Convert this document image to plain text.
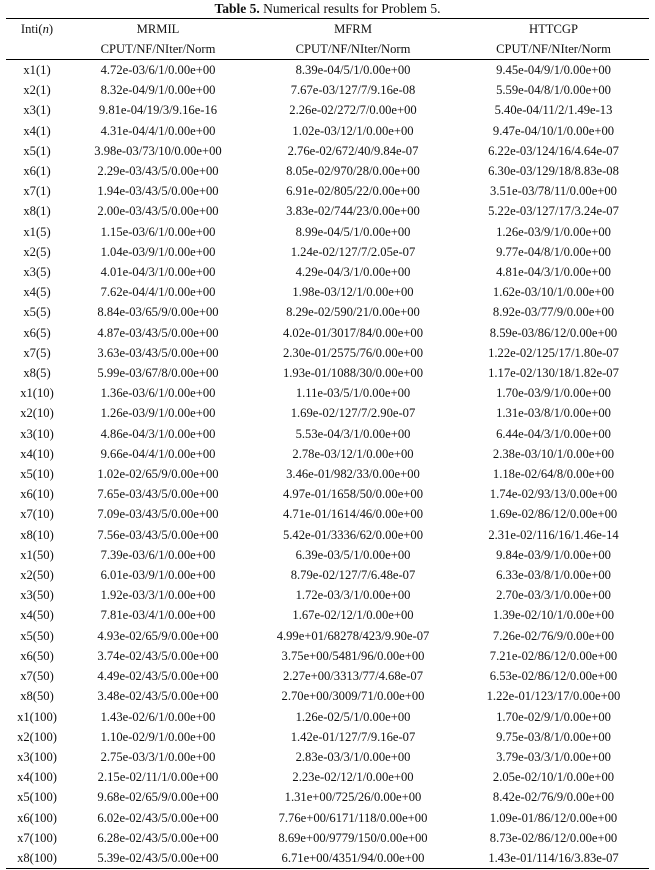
Table 5. Numerical results for Problem 5.

Inti(n)	MRMIL	MFRM	HTTCGP
	CPUT/NF/NIter/Norm	CPUT/NF/NIter/Norm	CPUT/NF/NIter/Norm
x1(1)	4.72e-03/6/1/0.00e+00	8.39e-04/5/1/0.00e+00	9.45e-04/9/1/0.00e+00
x2(1)	8.32e-04/9/1/0.00e+00	7.67e-03/127/7/9.16e-08	5.59e-04/8/1/0.00e+00
x3(1)	9.81e-04/19/3/9.16e-16	2.26e-02/272/7/0.00e+00	5.40e-04/11/2/1.49e-13
x4(1)	4.31e-04/4/1/0.00e+00	1.02e-03/12/1/0.00e+00	9.47e-04/10/1/0.00e+00
x5(1)	3.98e-03/73/10/0.00e+00	2.76e-02/672/40/9.84e-07	6.22e-03/124/16/4.64e-07
x6(1)	2.29e-03/43/5/0.00e+00	8.05e-02/970/28/0.00e+00	6.30e-03/129/18/8.83e-08
x7(1)	1.94e-03/43/5/0.00e+00	6.91e-02/805/22/0.00e+00	3.51e-03/78/11/0.00e+00
x8(1)	2.00e-03/43/5/0.00e+00	3.83e-02/744/23/0.00e+00	5.22e-03/127/17/3.24e-07
x1(5)	1.15e-03/6/1/0.00e+00	8.99e-04/5/1/0.00e+00	1.26e-03/9/1/0.00e+00
x2(5)	1.04e-03/9/1/0.00e+00	1.24e-02/127/7/2.05e-07	9.77e-04/8/1/0.00e+00
x3(5)	4.01e-04/3/1/0.00e+00	4.29e-04/3/1/0.00e+00	4.81e-04/3/1/0.00e+00
x4(5)	7.62e-04/4/1/0.00e+00	1.98e-03/12/1/0.00e+00	1.62e-03/10/1/0.00e+00
x5(5)	8.84e-03/65/9/0.00e+00	8.29e-02/590/21/0.00e+00	8.92e-03/77/9/0.00e+00
x6(5)	4.87e-03/43/5/0.00e+00	4.02e-01/3017/84/0.00e+00	8.59e-03/86/12/0.00e+00
x7(5)	3.63e-03/43/5/0.00e+00	2.30e-01/2575/76/0.00e+00	1.22e-02/125/17/1.80e-07
x8(5)	5.99e-03/67/8/0.00e+00	1.93e-01/1088/30/0.00e+00	1.17e-02/130/18/1.82e-07
x1(10)	1.36e-03/6/1/0.00e+00	1.11e-03/5/1/0.00e+00	1.70e-03/9/1/0.00e+00
x2(10)	1.26e-03/9/1/0.00e+00	1.69e-02/127/7/2.90e-07	1.31e-03/8/1/0.00e+00
x3(10)	4.86e-04/3/1/0.00e+00	5.53e-04/3/1/0.00e+00	6.44e-04/3/1/0.00e+00
x4(10)	9.66e-04/4/1/0.00e+00	2.78e-03/12/1/0.00e+00	2.38e-03/10/1/0.00e+00
x5(10)	1.02e-02/65/9/0.00e+00	3.46e-01/982/33/0.00e+00	1.18e-02/64/8/0.00e+00
x6(10)	7.65e-03/43/5/0.00e+00	4.97e-01/1658/50/0.00e+00	1.74e-02/93/13/0.00e+00
x7(10)	7.09e-03/43/5/0.00e+00	4.71e-01/1614/46/0.00e+00	1.69e-02/86/12/0.00e+00
x8(10)	7.56e-03/43/5/0.00e+00	5.42e-01/3336/62/0.00e+00	2.31e-02/116/16/1.46e-14
x1(50)	7.39e-03/6/1/0.00e+00	6.39e-03/5/1/0.00e+00	9.84e-03/9/1/0.00e+00
x2(50)	6.01e-03/9/1/0.00e+00	8.79e-02/127/7/6.48e-07	6.33e-03/8/1/0.00e+00
x3(50)	1.92e-03/3/1/0.00e+00	1.72e-03/3/1/0.00e+00	2.70e-03/3/1/0.00e+00
x4(50)	7.81e-03/4/1/0.00e+00	1.67e-02/12/1/0.00e+00	1.39e-02/10/1/0.00e+00
x5(50)	4.93e-02/65/9/0.00e+00	4.99e+01/68278/423/9.90e-07	7.26e-02/76/9/0.00e+00
x6(50)	3.74e-02/43/5/0.00e+00	3.75e+00/5481/96/0.00e+00	7.21e-02/86/12/0.00e+00
x7(50)	4.49e-02/43/5/0.00e+00	2.27e+00/3313/77/4.68e-07	6.53e-02/86/12/0.00e+00
x8(50)	3.48e-02/43/5/0.00e+00	2.70e+00/3009/71/0.00e+00	1.22e-01/123/17/0.00e+00
x1(100)	1.43e-02/6/1/0.00e+00	1.26e-02/5/1/0.00e+00	1.70e-02/9/1/0.00e+00
x2(100)	1.10e-02/9/1/0.00e+00	1.42e-01/127/7/9.16e-07	9.75e-03/8/1/0.00e+00
x3(100)	2.75e-03/3/1/0.00e+00	2.83e-03/3/1/0.00e+00	3.79e-03/3/1/0.00e+00
x4(100)	2.15e-02/11/1/0.00e+00	2.23e-02/12/1/0.00e+00	2.05e-02/10/1/0.00e+00
x5(100)	9.68e-02/65/9/0.00e+00	1.31e+00/725/26/0.00e+00	8.42e-02/76/9/0.00e+00
x6(100)	6.02e-02/43/5/0.00e+00	7.76e+00/6171/118/0.00e+00	1.09e-01/86/12/0.00e+00
x7(100)	6.28e-02/43/5/0.00e+00	8.69e+00/9779/150/0.00e+00	8.73e-02/86/12/0.00e+00
x8(100)	5.39e-02/43/5/0.00e+00	6.71e+00/4351/94/0.00e+00	1.43e-01/114/16/3.83e-07
